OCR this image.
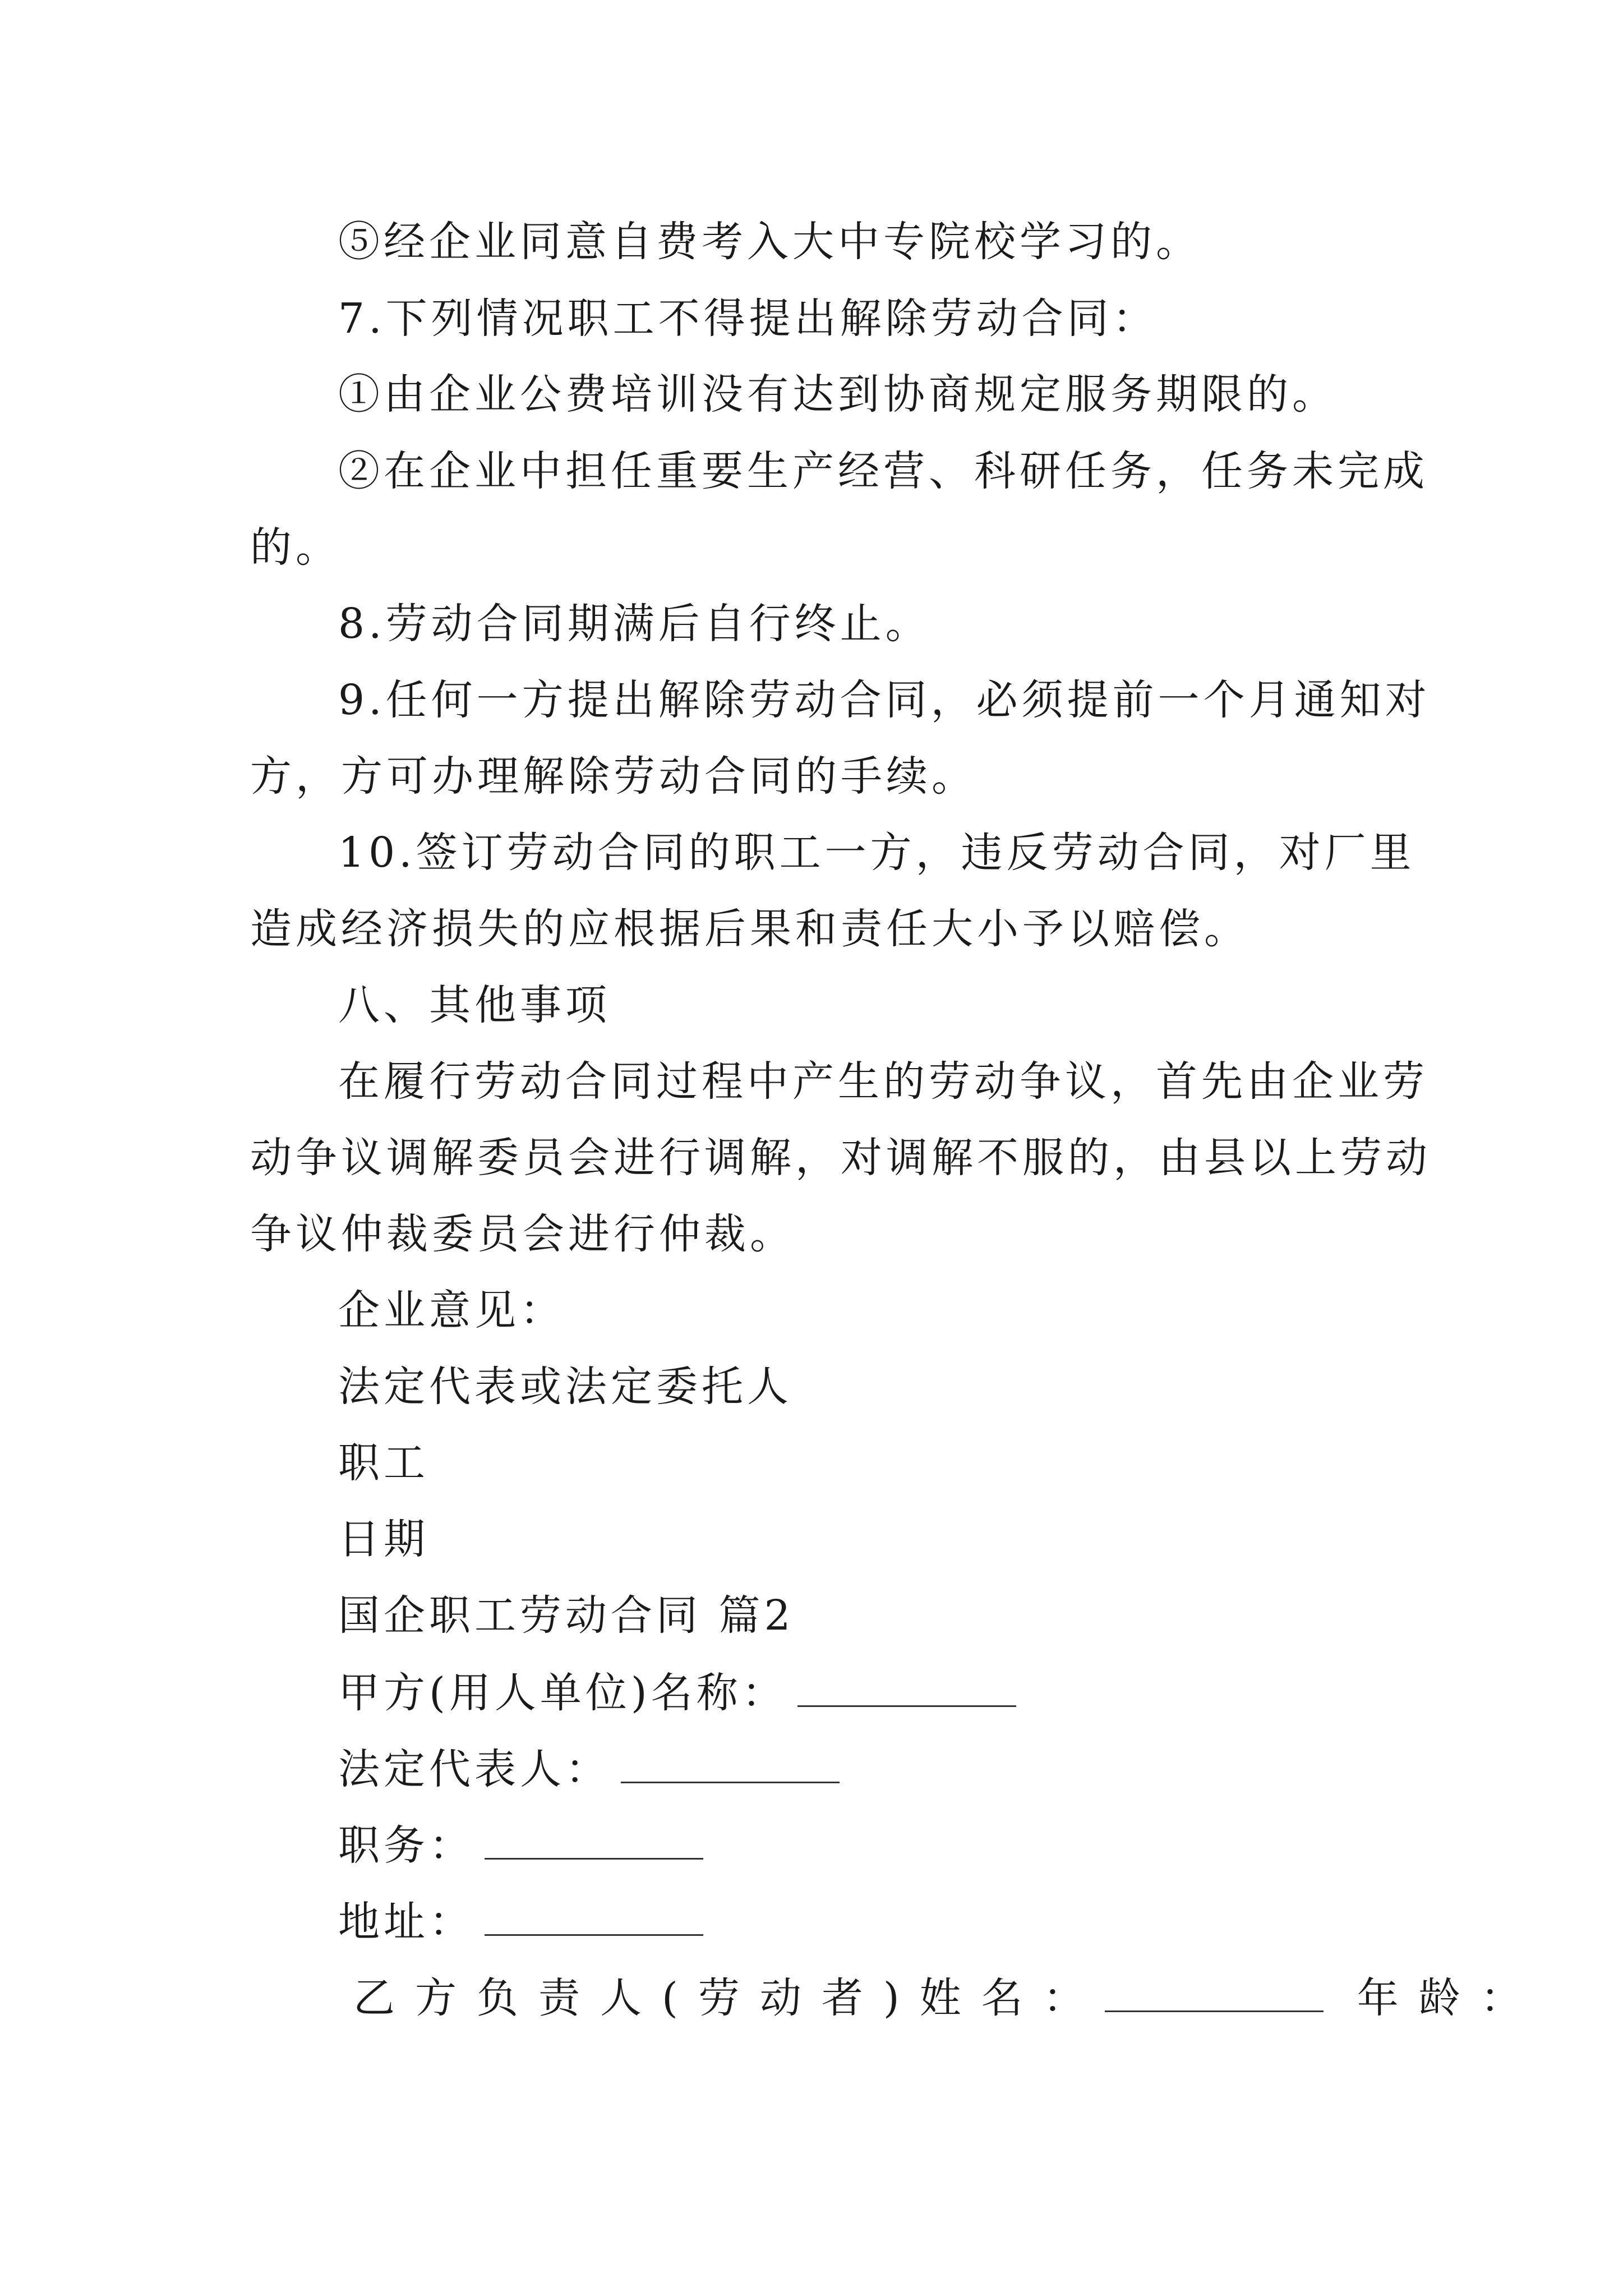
⑤经企业同意自费考入大中专院校学习的。
7.下列情况职工不得提出解除劳动合同：
①由企业公费培训没有达到协商规定服务期限的。
②在企业中担任重要生产经营、科研任务，任务未完成
的。
8.劳动合同期满后自行终止。
9.任何一方提出解除劳动合同，必须提前一个月通知对
方，方可办理解除劳动合同的手续。
10.签订劳动合同的职工一方，违反劳动合同，对厂里
造成经济损失的应根据后果和责任大小予以赔偿。
八、其他事项
在履行劳动合同过程中产生的劳动争议，首先由企业劳
动争议调解委员会进行调解，对调解不服的，由县以上劳动
争议仲裁委员会进行仲裁。
企业意见：
法定代表或法定委托人
职工
日期
国企职工劳动合同 篇2
甲方(用人单位)名称：
法定代表人：
职务：
地址：
乙方负责人(劳动者)姓名：	年龄：
